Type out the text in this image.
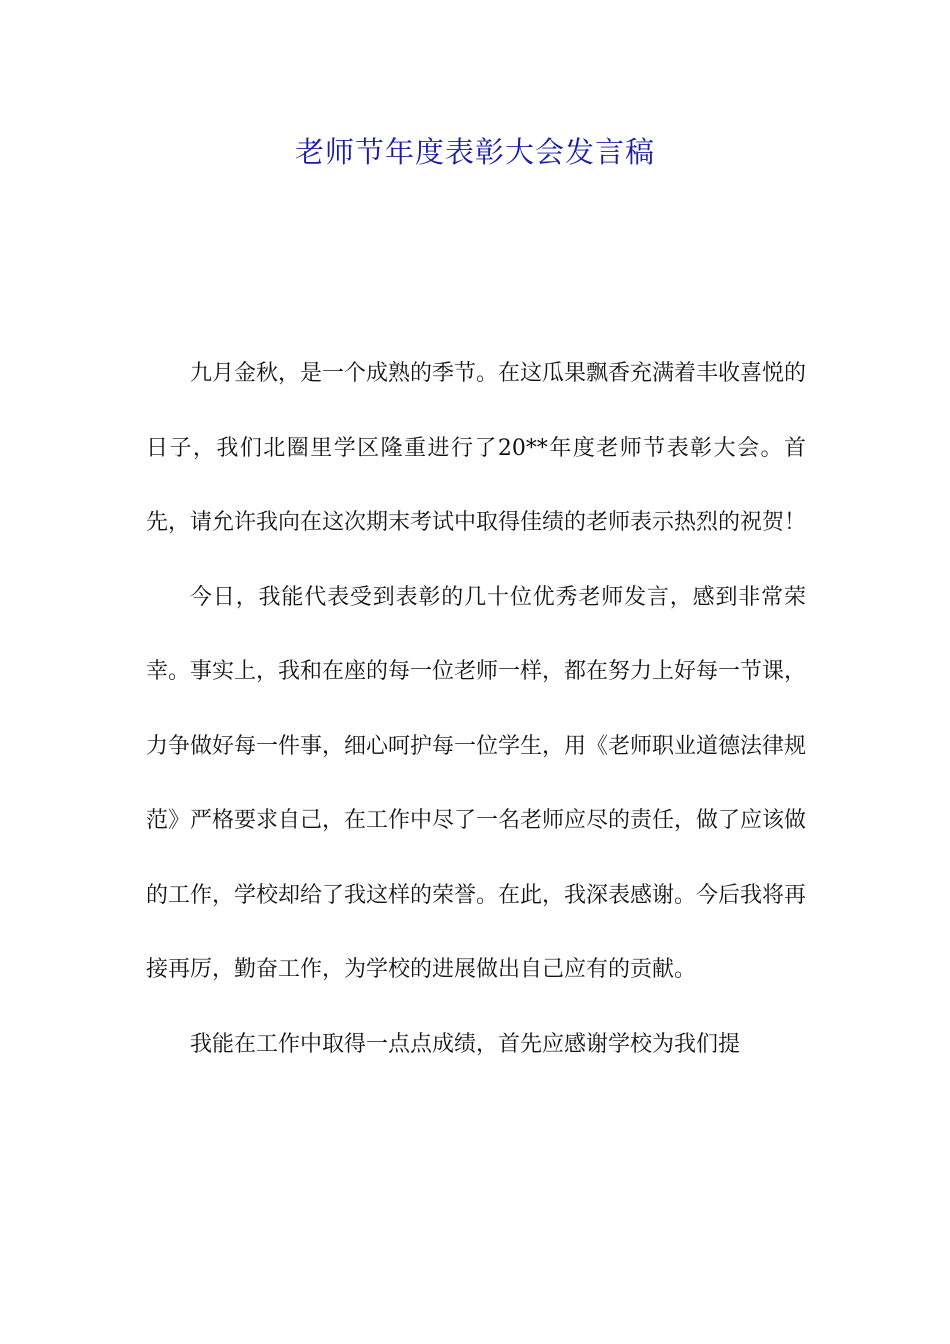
老师节年度表彰大会发言稿

九月金秋，是一个成熟的季节。在这瓜果飘香充满着丰收喜悦的日子，我们北圈里学区隆重进行了20**年度老师节表彰大会。首先，请允许我向在这次期末考试中取得佳绩的老师表示热烈的祝贺！

今日，我能代表受到表彰的几十位优秀老师发言，感到非常荣幸。事实上，我和在座的每一位老师一样，都在努力上好每一节课，力争做好每一件事，细心呵护每一位学生，用《老师职业道德法律规范》严格要求自己，在工作中尽了一名老师应尽的责任，做了应该做的工作，学校却给了我这样的荣誉。在此，我深表感谢。今后我将再接再厉，勤奋工作，为学校的进展做出自己应有的贡献。

我能在工作中取得一点点成绩，首先应感谢学校为我们提
